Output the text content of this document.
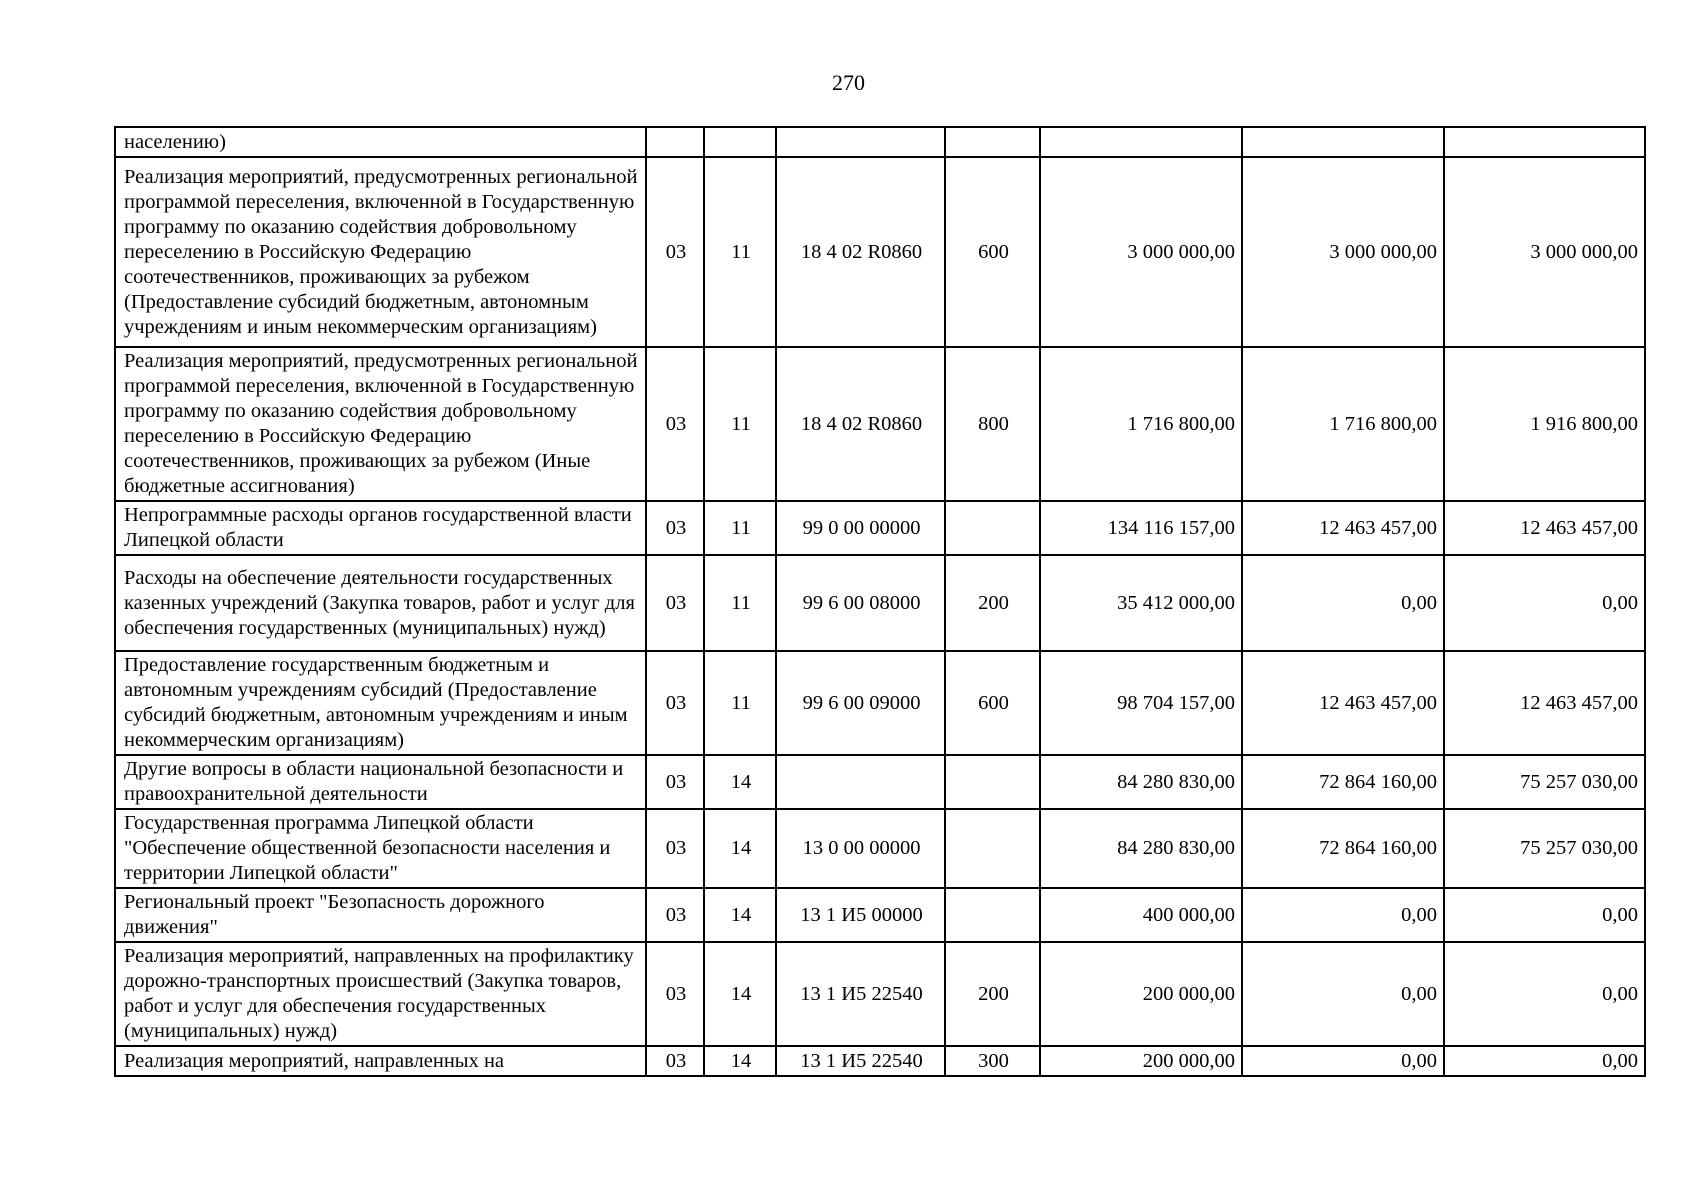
270
населению)							
Реализация мероприятий, предусмотренных региональной программой переселения, включенной в Государственную программу по оказанию содействия добровольному переселению в Российскую Федерацию соотечественников, проживающих за рубежом (Предоставление субсидий бюджетным, автономным учреждениям и иным некоммерческим организациям)	03	11	18 4 02 R0860	600	3 000 000,00	3 000 000,00	3 000 000,00
Реализация мероприятий, предусмотренных региональной программой переселения, включенной в Государственную программу по оказанию содействия добровольному переселению в Российскую Федерацию соотечественников, проживающих за рубежом (Иные бюджетные ассигнования)	03	11	18 4 02 R0860	800	1 716 800,00	1 716 800,00	1 916 800,00
Непрограммные расходы органов государственной власти Липецкой области	03	11	99 0 00 00000		134 116 157,00	12 463 457,00	12 463 457,00
Расходы на обеспечение деятельности государственных казенных учреждений (Закупка товаров, работ и услуг для обеспечения государственных (муниципальных) нужд)	03	11	99 6 00 08000	200	35 412 000,00	0,00	0,00
Предоставление государственным бюджетным и автономным учреждениям субсидий (Предоставление субсидий бюджетным, автономным учреждениям и иным некоммерческим организациям)	03	11	99 6 00 09000	600	98 704 157,00	12 463 457,00	12 463 457,00
Другие вопросы в области национальной безопасности и правоохранительной деятельности	03	14			84 280 830,00	72 864 160,00	75 257 030,00
Государственная программа Липецкой области "Обеспечение общественной безопасности населения и территории Липецкой области"	03	14	13 0 00 00000		84 280 830,00	72 864 160,00	75 257 030,00
Региональный проект "Безопасность дорожного движения"	03	14	13 1 И5 00000		400 000,00	0,00	0,00
Реализация мероприятий, направленных на профилактику дорожно-транспортных происшествий (Закупка товаров, работ и услуг для обеспечения государственных (муниципальных) нужд)	03	14	13 1 И5 22540	200	200 000,00	0,00	0,00
Реализация мероприятий, направленных на	03	14	13 1 И5 22540	300	200 000,00	0,00	0,00
